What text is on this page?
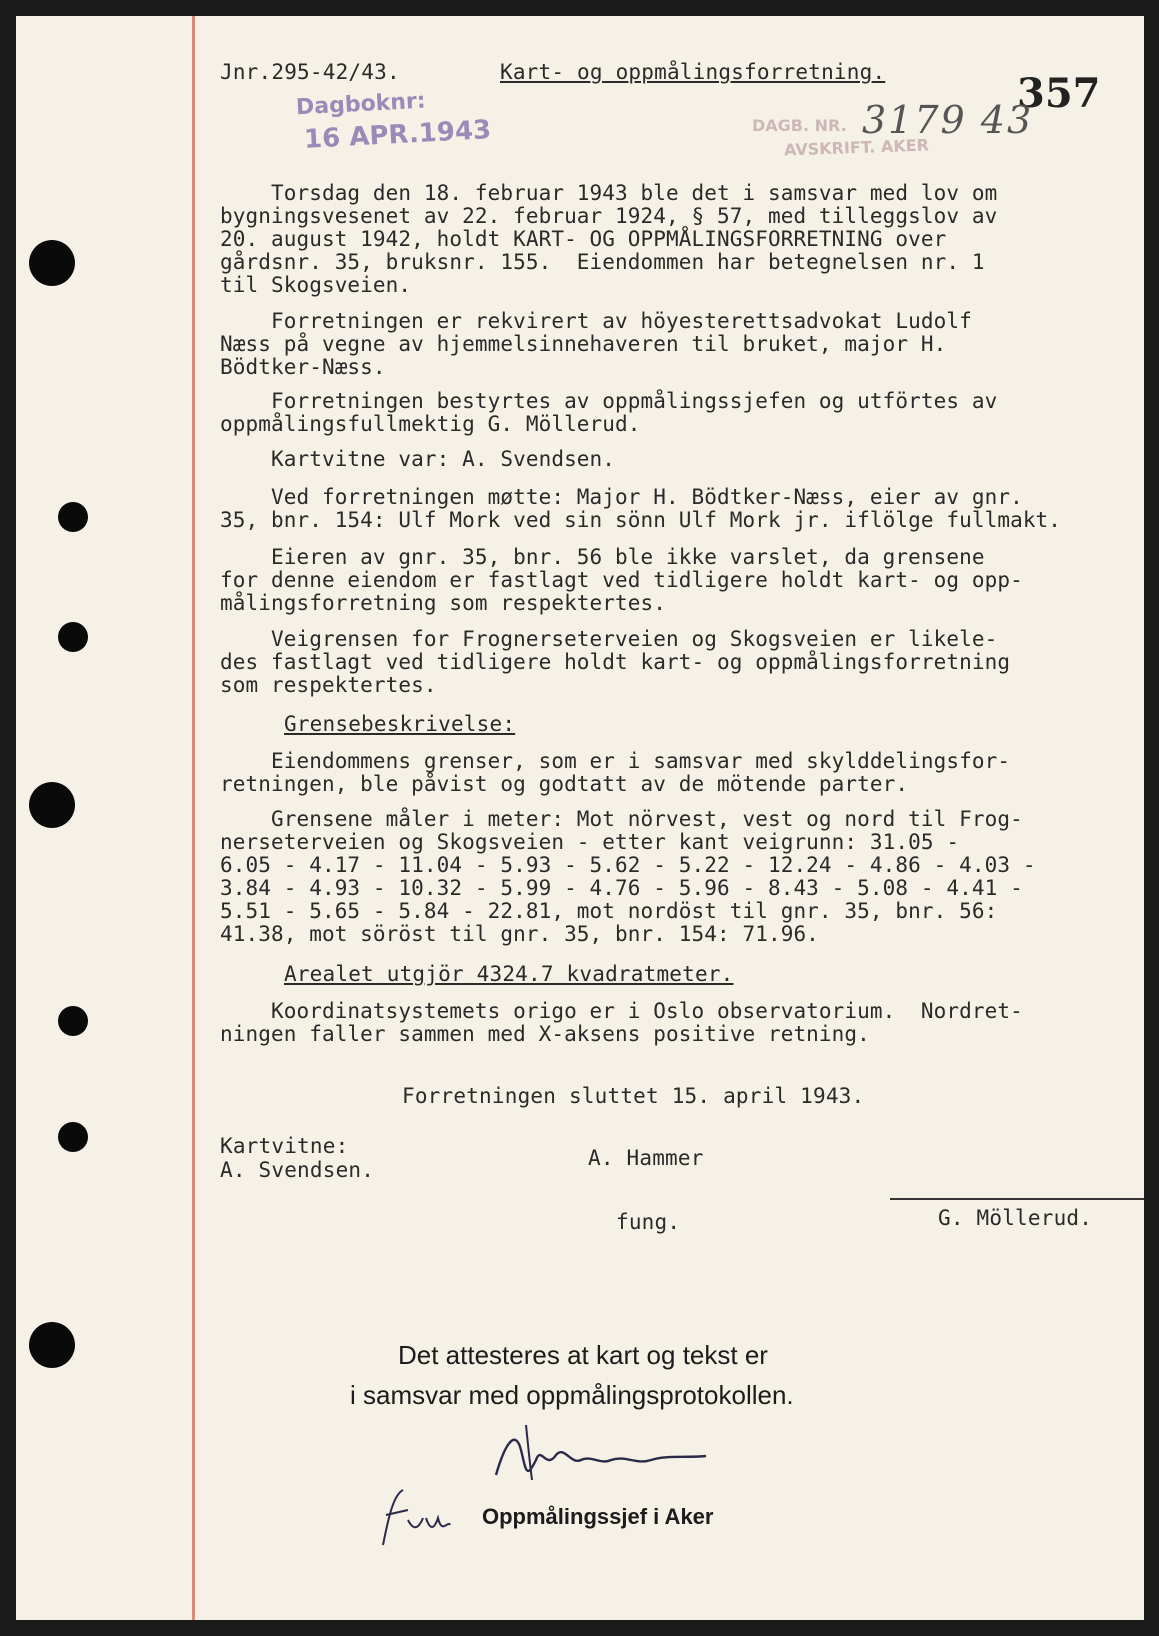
Jnr.295-42/43.	Kart- og oppmålingsforretning.	357
Dagboknr:
16 APR.1943	DAGB. NR.
AVSKRIFT. AKER
3179 43

Torsdag den 18. februar 1943 ble det i samsvar med lov om

bygningsvesenet av 22. februar 1924, § 57, med tilleggslov av

20. august 1942, holdt KART- OG OPPMÅLINGSFORRETNING over

gårdsnr. 35, bruksnr. 155.  Eiendommen har betegnelsen nr. 1

til Skogsveien.

Forretningen er rekvirert av höyesterettsadvokat Ludolf

Næss på vegne av hjemmelsinnehaveren til bruket, major H.

Bödtker-Næss.

Forretningen bestyrtes av oppmålingssjefen og utförtes av

oppmålingsfullmektig G. Möllerud.

Kartvitne var: A. Svendsen.

Ved forretningen møtte: Major H. Bödtker-Næss, eier av gnr.

35, bnr. 154: Ulf Mork ved sin sönn Ulf Mork jr. iflölge fullmakt.

Eieren av gnr. 35, bnr. 56 ble ikke varslet, da grensene

for denne eiendom er fastlagt ved tidligere holdt kart- og opp-

målingsforretning som respektertes.

Veigrensen for Frognerseterveien og Skogsveien er likele-

des fastlagt ved tidligere holdt kart- og oppmålingsforretning

som respektertes.

Grensebeskrivelse:

Eiendommens grenser, som er i samsvar med skylddelingsfor-

retningen, ble påvist og godtatt av de mötende parter.

Grensene måler i meter: Mot nörvest, vest og nord til Frog-

nerseterveien og Skogsveien - etter kant veigrunn: 31.05 -

6.05 - 4.17 - 11.04 - 5.93 - 5.62 - 5.22 - 12.24 - 4.86 - 4.03 -

3.84 - 4.93 - 10.32 - 5.99 - 4.76 - 5.96 - 8.43 - 5.08 - 4.41 -

5.51 - 5.65 - 5.84 - 22.81, mot nordöst til gnr. 35, bnr. 56:

41.38, mot söröst til gnr. 35, bnr. 154: 71.96.

Arealet utgjör 4324.7 kvadratmeter.

Koordinatsystemets origo er i Oslo observatorium.  Nordret-

ningen faller sammen med X-aksens positive retning.

Forretningen sluttet 15. april 1943.
Kartvitne:
A. Svendsen.	A. Hammer
fung.	G. Möllerud.
Det attesteres at kart og tekst er
i samsvar med oppmålingsprotokollen.
Oppmålingssjef i Aker
